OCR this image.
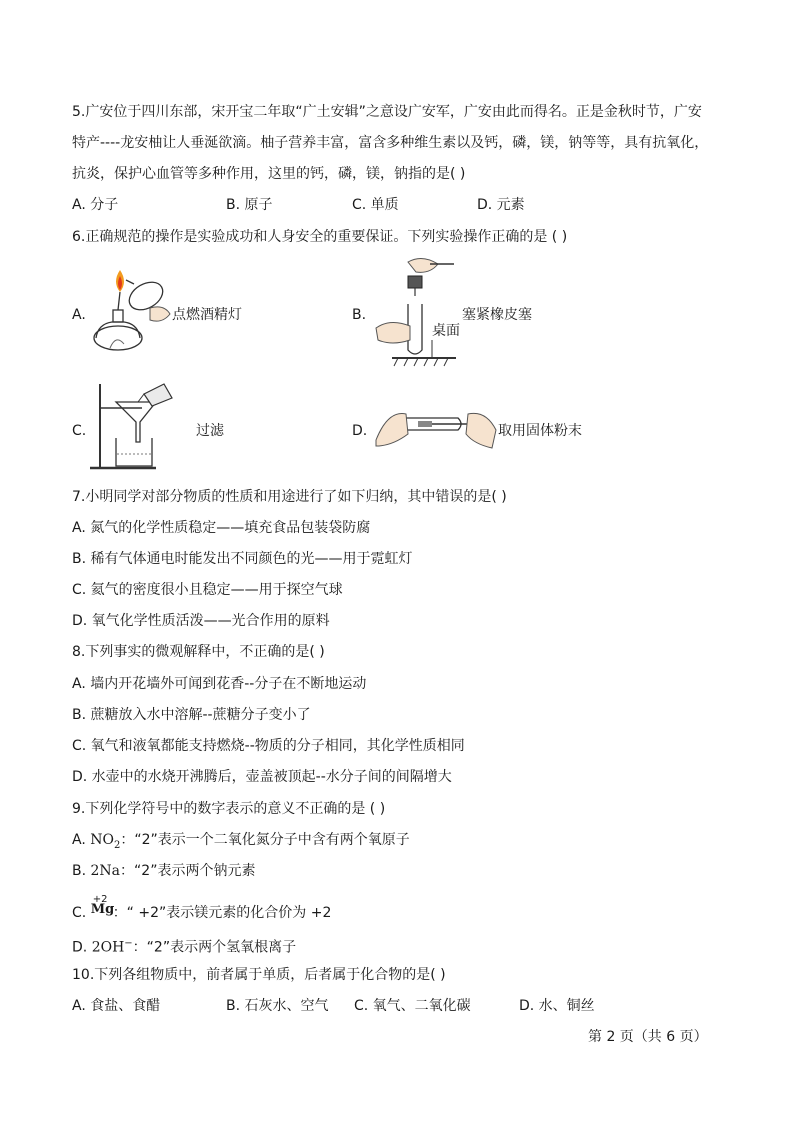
5.广安位于四川东部，宋开宝二年取“广土安辑”之意设广安军，广安由此而得名。正是金秋时节，广安
特产----龙安柚让人垂涎欲滴。柚子营养丰富，富含多种维生素以及钙，磷，镁，钠等等，具有抗氧化，
抗炎，保护心血管等多种作用，这里的钙，磷，镁，钠指的是( )
A. 分子	B. 原子	C. 单质	D. 元素
6.正确规范的操作是实验成功和人身安全的重要保证。下列实验操作正确的是 ( )
A.	点燃酒精灯	B.	塞紧橡皮塞
桌面
C.	过滤	D.	取用固体粉末
7.小明同学对部分物质的性质和用途进行了如下归纳，其中错误的是( )
A. 氮气的化学性质稳定——填充食品包装袋防腐
B. 稀有气体通电时能发出不同颜色的光——用于霓虹灯
C. 氦气的密度很小且稳定——用于探空气球
D. 氧气化学性质活泼——光合作用的原料
8.下列事实的微观解释中，不正确的是( )
A. 墙内开花墙外可闻到花香--分子在不断地运动
B. 蔗糖放入水中溶解--蔗糖分子变小了
C. 氧气和液氧都能支持燃烧--物质的分子相同，其化学性质相同
D. 水壶中的水烧开沸腾后，壶盖被顶起--水分子间的间隔增大
9.下列化学符号中的数字表示的意义不正确的是 ( )
A. $NO_2$：“2”表示一个二氧化氮分子中含有两个氧原子
B. 2Na：“2”表示两个钠元素
C.
+2
Mg
：“ +2”表示镁元素的化合价为 +2
D. 2OH−：“2”表示两个氢氧根离子
10.下列各组物质中，前者属于单质，后者属于化合物的是( )
A. 食盐、食醋	B. 石灰水、空气 C. 氧气、二氧化碳	D. 水、铜丝
第 2 页（共 6 页）
